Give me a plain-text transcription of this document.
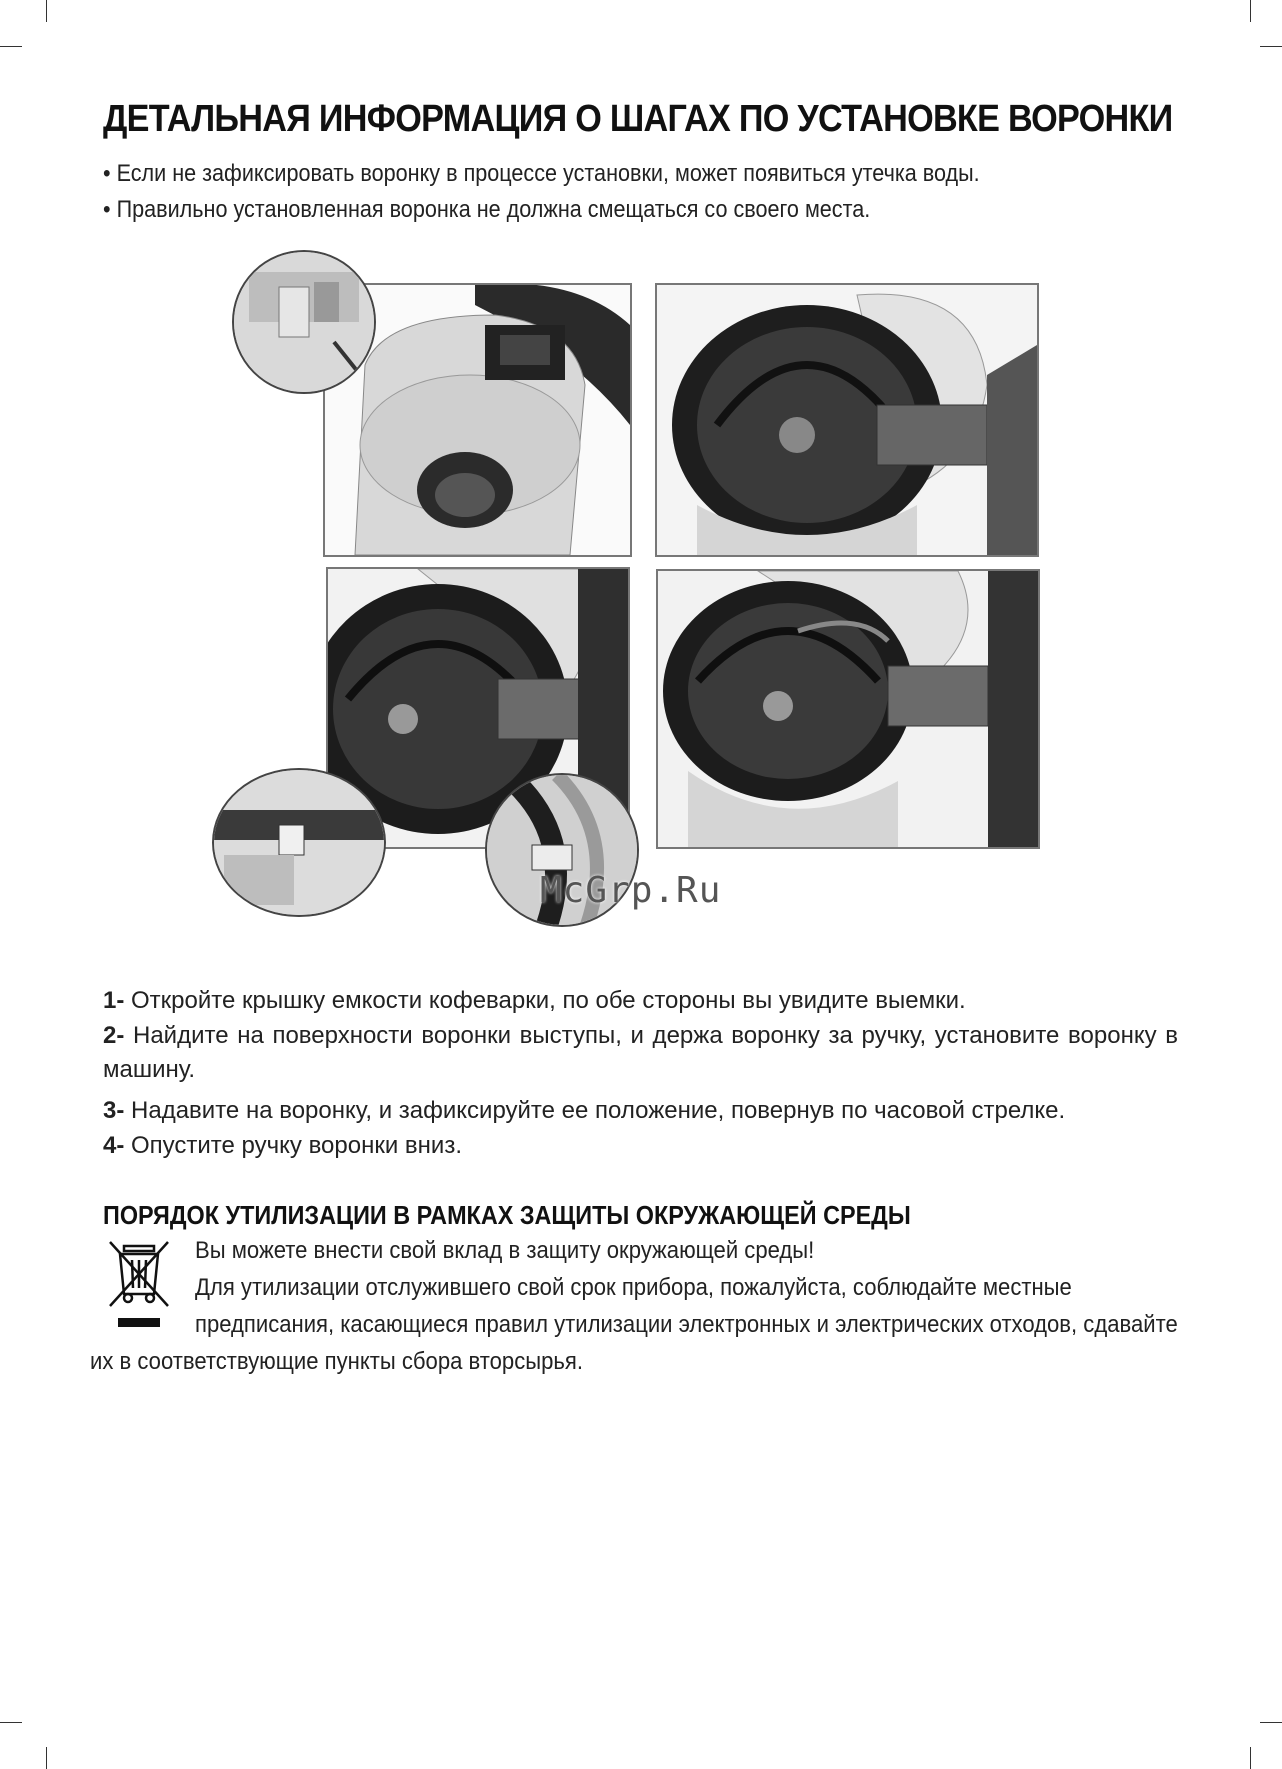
ДЕТАЛЬНАЯ ИНФОРМАЦИЯ О ШАГАХ ПО УСТАНОВКЕ ВОРОНКИ
• Если не зафиксировать воронку в процессе установки, может появиться утечка воды.
• Правильно установленная воронка не должна смещаться со своего места.
McGrp.Ru
1- Откройте крышку емкости кофеварки, по обе стороны вы увидите выемки.
2- Найдите на поверхности воронки выступы, и держа воронку за ручку, установите воронку в машину.
3- Надавите на воронку, и зафиксируйте ее положение, повернув по часовой стрелке.
4- Опустите ручку воронки вниз.
ПОРЯДОК УТИЛИЗАЦИИ В РАМКАХ ЗАЩИТЫ ОКРУЖАЮЩЕЙ СРЕДЫ
Вы можете внести свой вклад в защиту окружающей среды!
Для утилизации отслужившего свой срок прибора, пожалуйста, соблюдайте местные
предписания, касающиеся правил утилизации электронных и электрических отходов, сдавайте
их в соответствующие пункты сбора вторсырья.
